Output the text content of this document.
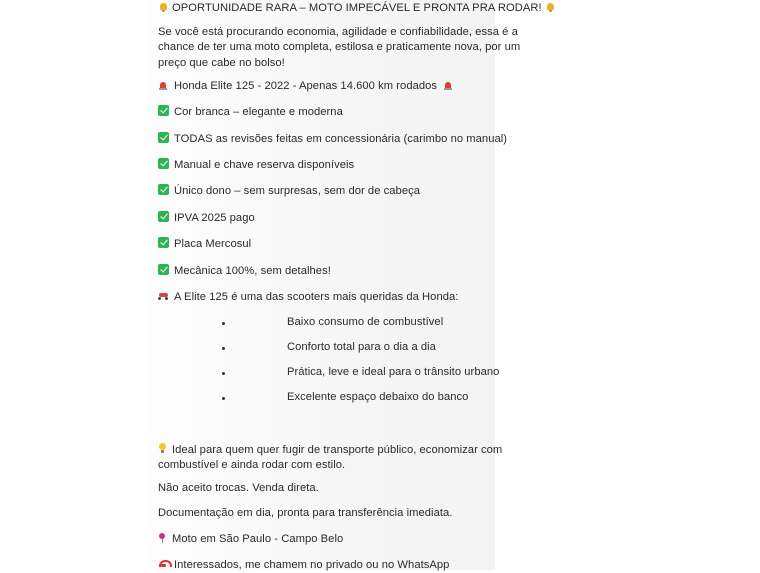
OPORTUNIDADE RARA – MOTO IMPECÁVEL E PRONTA PRA RODAR!
Se você está procurando economia, agilidade e confiabilidade, essa é a chance de ter uma moto completa, estilosa e praticamente nova, por um preço que cabe no bolso!
Honda Elite 125 - 2022 - Apenas 14.600 km rodados
Cor branca – elegante e moderna
TODAS as revisões feitas em concessionária (carimbo no manual)
Manual e chave reserva disponíveis
Único dono – sem surpresas, sem dor de cabeça
IPVA 2025 pago
Placa Mercosul
Mecânica 100%, sem detalhes!
A Elite 125 é uma das scooters mais queridas da Honda:
Baixo consumo de combustível
Conforto total para o dia a dia
Prática, leve e ideal para o trânsito urbano
Excelente espaço debaixo do banco
Ideal para quem quer fugir de transporte público, economizar com combustível e ainda rodar com estilo.
Não aceito trocas. Venda direta.
Documentação em dia, pronta para transferência imediata.
Moto em São Paulo - Campo Belo
Interessados, me chamem no privado ou no WhatsApp
